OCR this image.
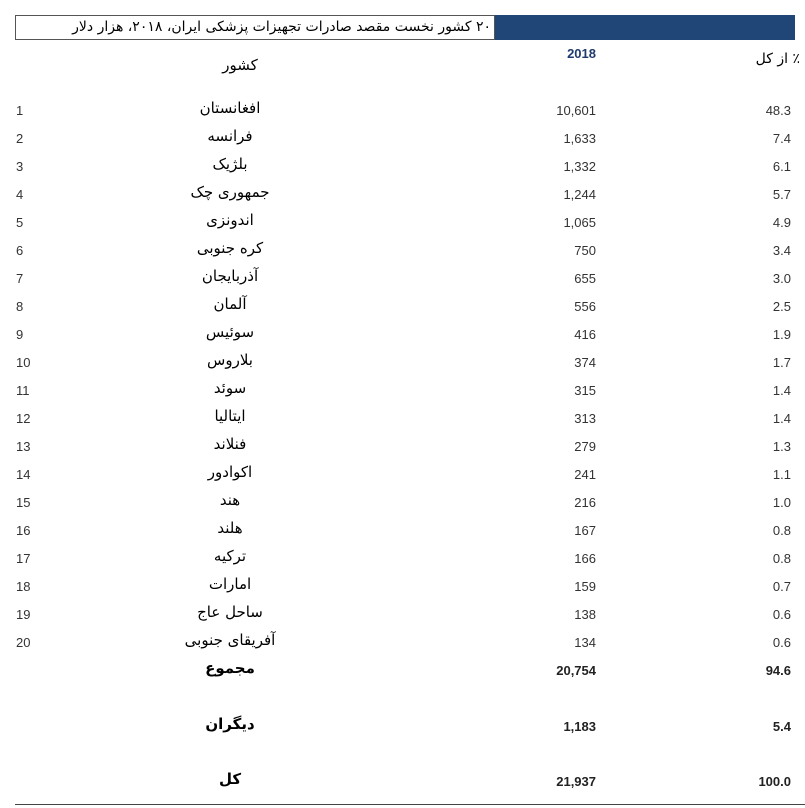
۲۰ کشور نخست مقصد صادرات تجهیزات پزشکی ایران، ۲۰۱۸، هزار دلار
کشور
2018	٪ از کل
1	افغانستان	10,601	48.3
2	فرانسه	1,633	7.4
3	بلژیک	1,332	6.1
4	جمهوری چک	1,244	5.7
5	اندونزی	1,065	4.9
6	کره جنوبی	750	3.4
7	آذربایجان	655	3.0
8	آلمان	556	2.5
9	سوئیس	416	1.9
10	بلاروس	374	1.7
11	سوئد	315	1.4
12	ایتالیا	313	1.4
13	فنلاند	279	1.3
14	اکوادور	241	1.1
15	هند	216	1.0
16	هلند	167	0.8
17	ترکیه	166	0.8
18	امارات	159	0.7
19	ساحل عاج	138	0.6
20	آفریقای جنوبی	134	0.6
مجموع	20,754	94.6
دیگران	1,183	5.4
کل	21,937	100.0
